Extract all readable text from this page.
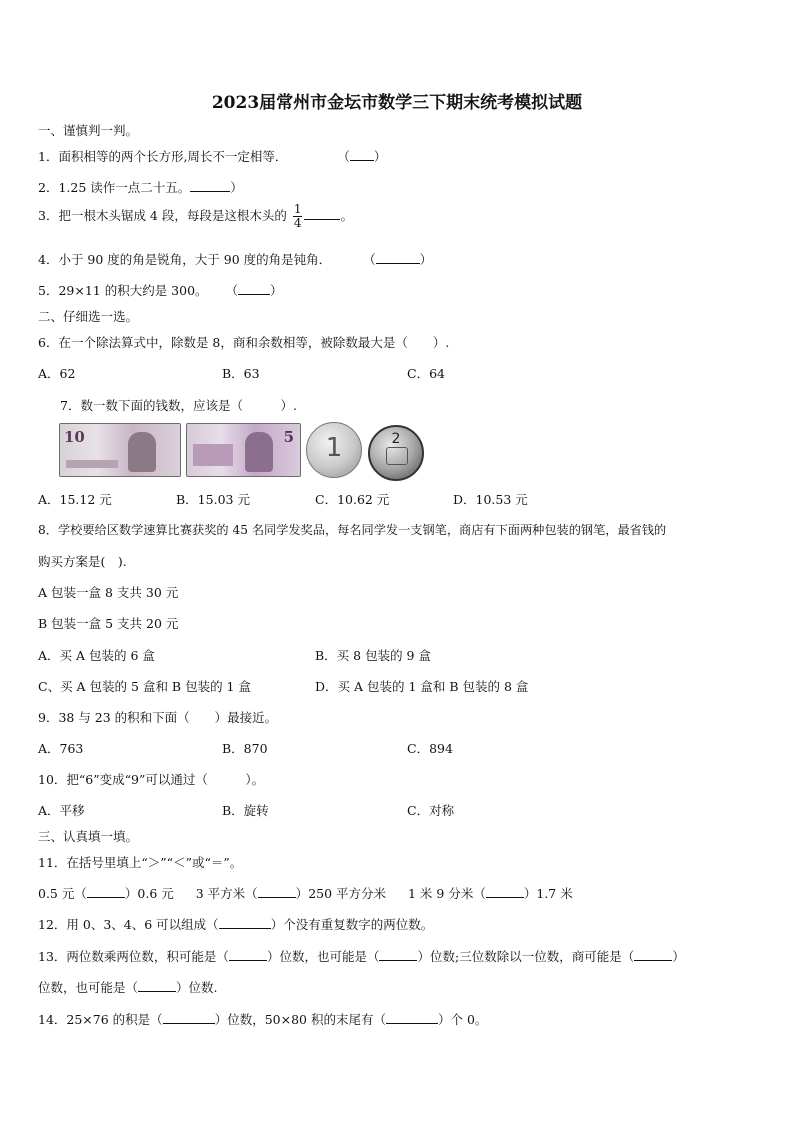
2023届常州市金坛市数学三下期末统考模拟试题
一、谨慎判一判。
1．面积相等的两个长方形,周长不一定相等．	（ ）
2．1.25 读作一点二十五。	）
3．把一根木头锯成 4 段，每段是这根木头的 $\frac{1}{4}$	。
4．小于 90 度的角是锐角，大于 90 度的角是钝角．	（	）
5．29×11 的积大约是 300。 （	）
二、仔细选一选。
6．在一个除法算式中，除数是 8，商和余数相等，被除数最大是（　　）.
A．62	B．63	C．64
7．数一数下面的钱数，应该是（　　　）.
10	5	1	2
A．15.12 元	B．15.03 元	C．10.62 元	D．10.53 元
8．学校要给区数学速算比赛获奖的 45 名同学发奖品，每名同学发一支钢笔，商店有下面两种包装的钢笔，最省钱的
购买方案是(　).
A 包装一盒 8 支共 30 元
B 包装一盒 5 支共 20 元
A．买 A 包装的 6 盒	B．买 8 包装的 9 盒
C、买 A 包装的 5 盒和 B 包装的 1 盒	D．买 A 包装的 1 盒和 B 包装的 8 盒
9．38 与 23 的积和下面（　　）最接近。
A．763	B．870	C．894
10．把“6”变成“9”可以通过（　　　）。
A．平移	B．旋转	C．对称
三、认真填一填。
11．在括号里填上“＞”“＜”或“＝”。
0.5 元（	）0.6 元 3 平方米（	）250 平方分米 1 米 9 分米（	）1.7 米
12．用 0、3、4、6 可以组成（	）个没有重复数字的两位数。
13．两位数乘两位数，积可能是（	）位数，也可能是（	）位数;三位数除以一位数，商可能是（	）
位数，也可能是（	）位数.
14．25×76 的积是（	）位数，50×80 积的末尾有（	）个 0。
